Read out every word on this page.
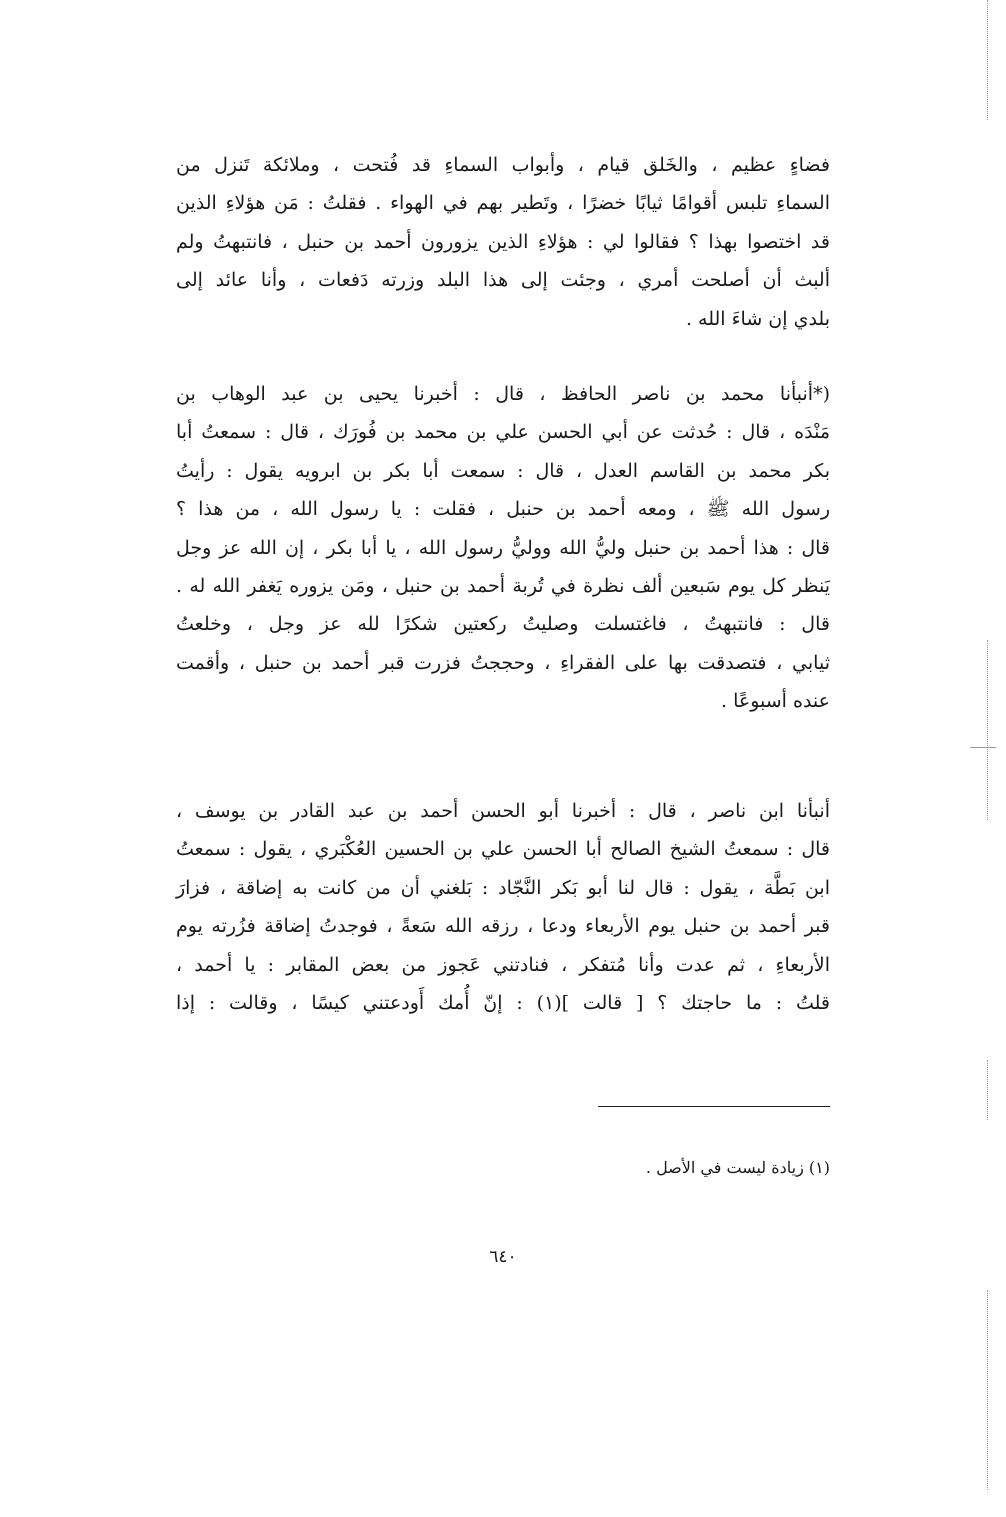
فضاءٍ عظيم ، والخَلق قيام ، وأبواب السماءِ قد فُتحت ، وملائكة تَنزل من
السماءِ تلبس أقوامًا ثيابًا خضرًا ، وتَطير بهم في الهواء . فقلتُ : مَن هؤلاءِ الذين
قد اختصوا بهذا ؟ فقالوا لي : هؤلاءِ الذين يزورون أحمد بن حنبل ، فانتبهتُ ولم
ألبث أن أصلحت أمري ، وجئت إلى هذا البلد وزرته دَفعات ، وأنا عائد إلى
بلدي إن شاءَ الله .
(*أنبأنا محمد بن ناصر الحافظ ، قال : أخبرنا يحيى بن عبد الوهاب بن
مَنْدَه ، قال : حُدثت عن أبي الحسن علي بن محمد بن فُورَك ، قال : سمعتُ أبا
بكر محمد بن القاسم العدل ، قال : سمعت أبا بكر بن ابرويه يقول : رأيتُ
رسول الله ﷺ ، ومعه أحمد بن حنبل ، فقلت : يا رسول الله ، من هذا ؟
قال : هذا أحمد بن حنبل وليُّ الله ووليُّ رسول الله ، يا أبا بكر ، إن الله عز وجل
يَنظر كل يوم سَبعين ألف نظرة في تُربة أحمد بن حنبل ، ومَن يزوره يَغفر الله له .
قال : فانتبهتُ ، فاغتسلت وصليتُ ركعتين شكرًا لله عز وجل ، وخلعتُ
ثيابي ، فتصدقت بها على الفقراءِ ، وحججتُ فزرت قبر أحمد بن حنبل ، وأقمت
عنده أسبوعًا .
أنبأنا ابن ناصر ، قال : أخبرنا أبو الحسن أحمد بن عبد القادر بن يوسف ،
قال : سمعتُ الشيخ الصالح أبا الحسن علي بن الحسين العُكْبَري ، يقول : سمعتُ
ابن بَطَّة ، يقول : قال لنا أبو بَكر النَّجّاد : بَلغني أن من كانت به إضاقة ، فزارَ
قبر أحمد بن حنبل يوم الأربعاء ودعا ، رزقه الله سَعةً ، فوجدتُ إضاقة فزُرته يوم
الأربعاءِ ، ثم عدت وأنا مُتفكر ، فنادتني عَجوز من بعض المقابر : يا أحمد ،
قلتُ : ما حاجتك ؟ [ قالت ](١) : إنّ أُمك أَودعتني كيسًا ، وقالت : إذا
(١) زيادة ليست في الأصل .
٦٤٠
